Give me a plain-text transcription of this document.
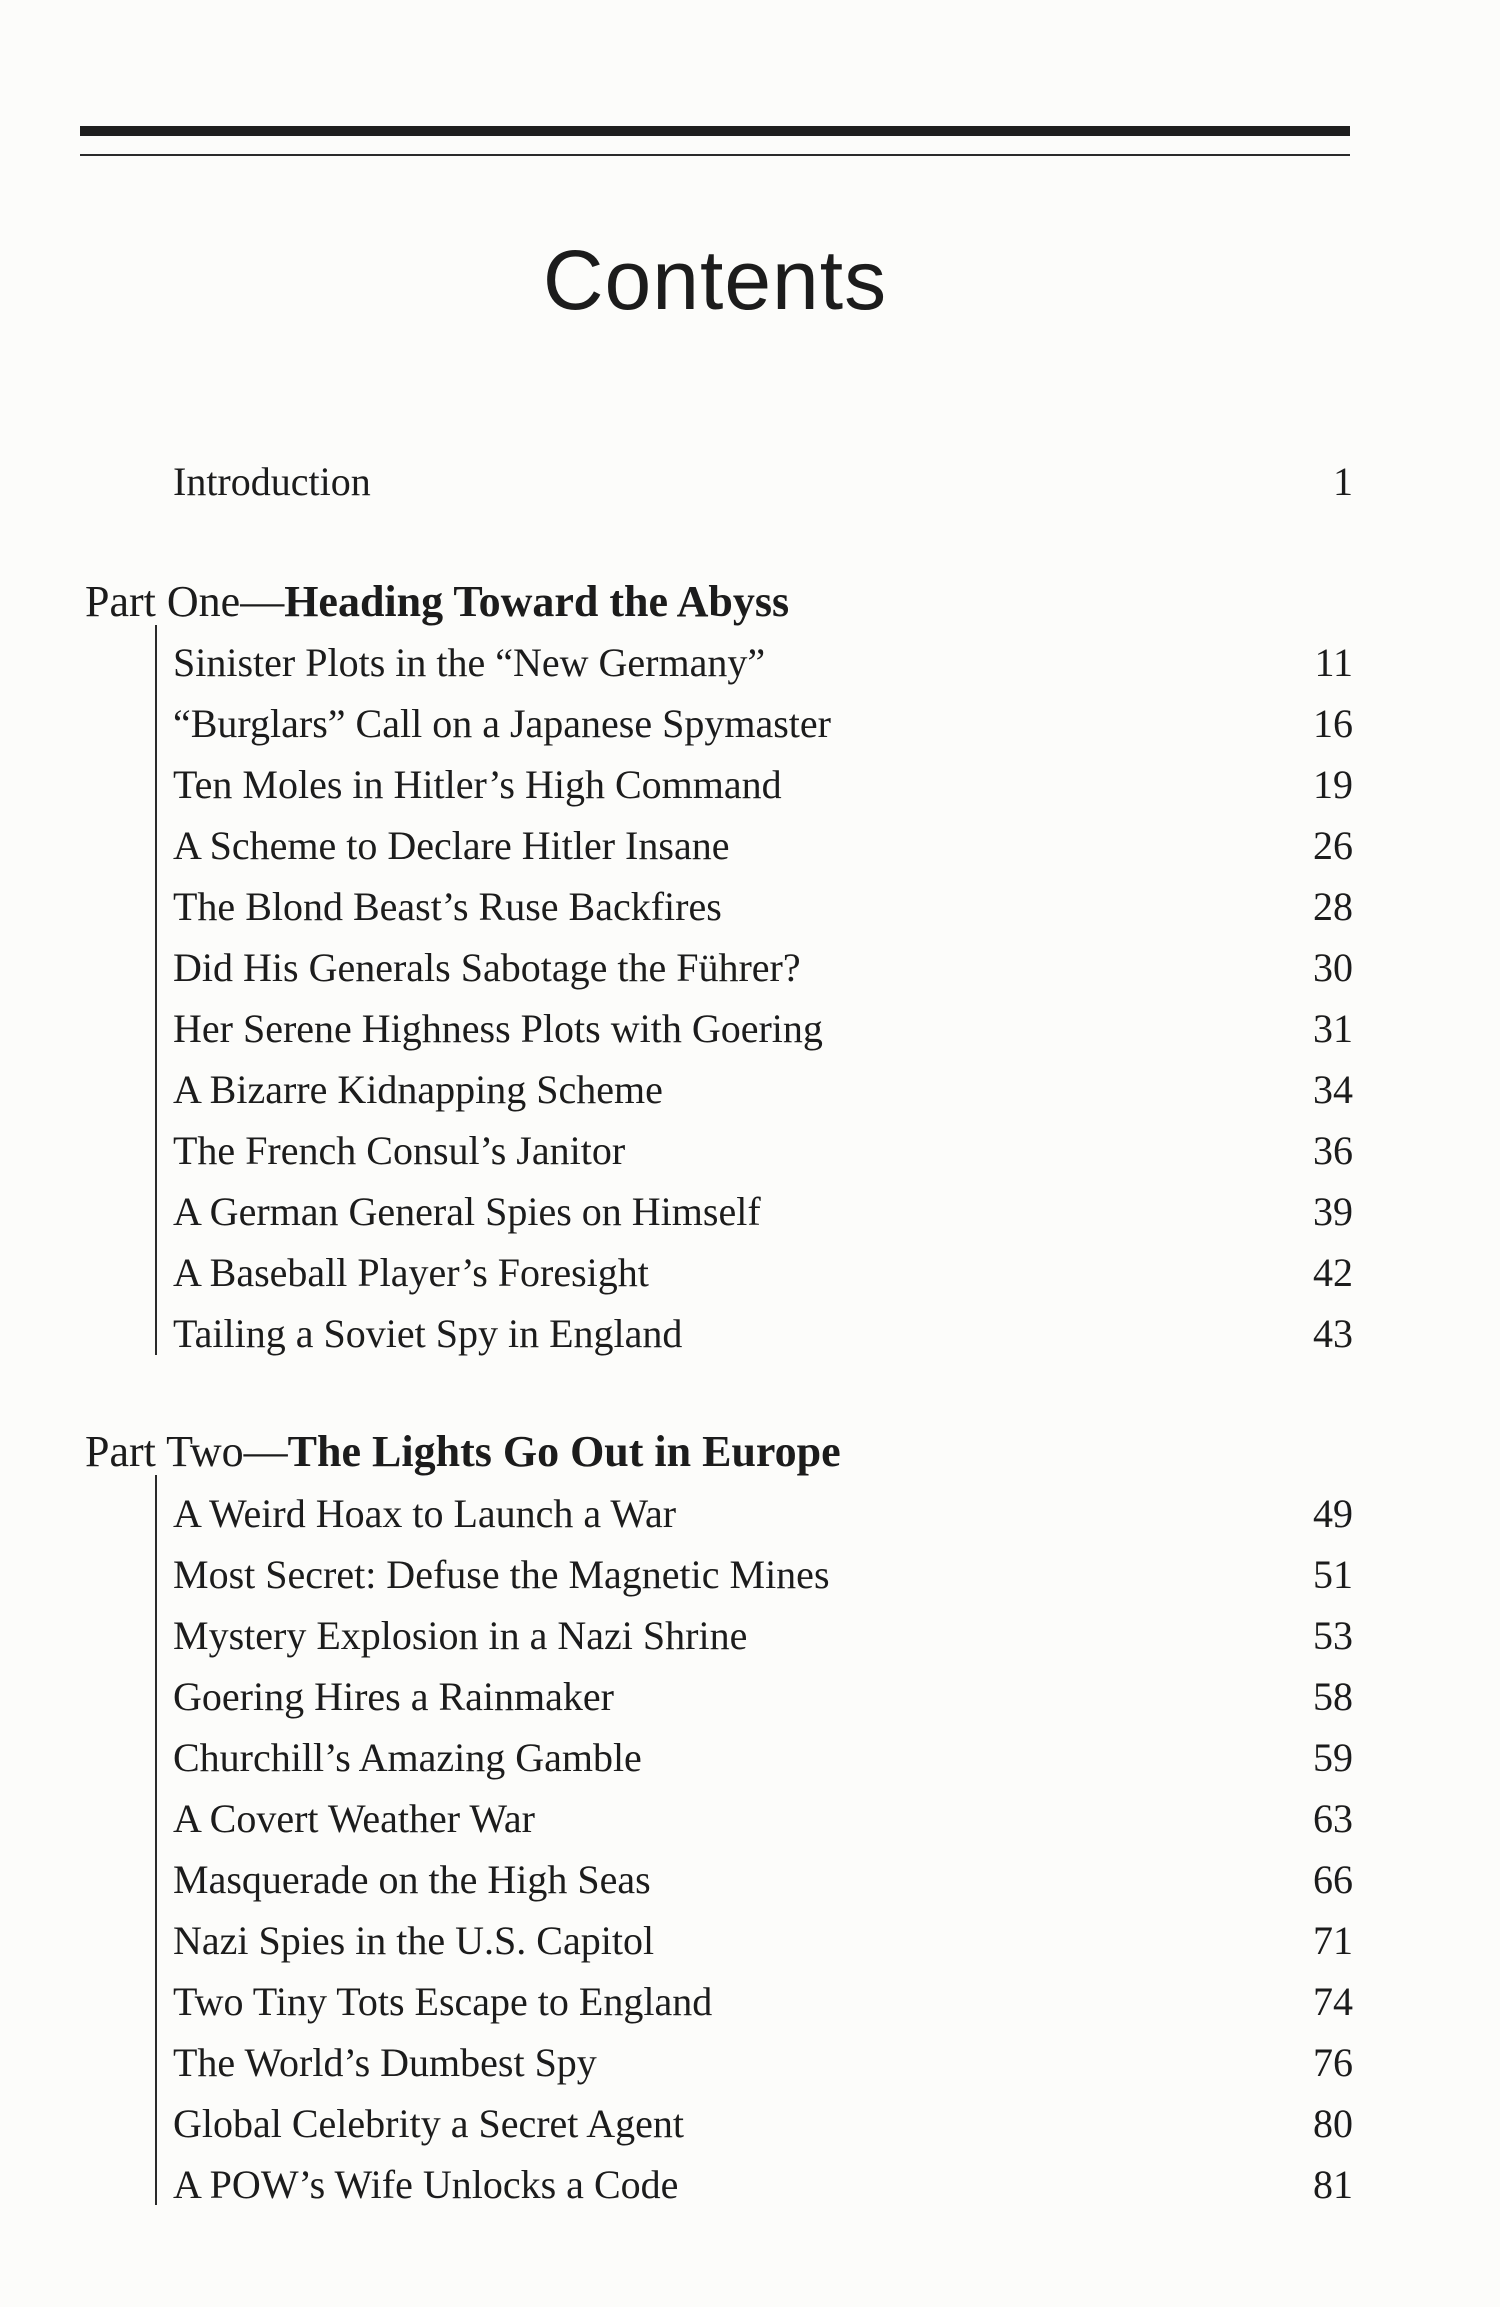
Contents
Introduction	1
Part One—Heading Toward the Abyss
Sinister Plots in the “New Germany”	11
“Burglars” Call on a Japanese Spymaster	16
Ten Moles in Hitler’s High Command	19
A Scheme to Declare Hitler Insane	26
The Blond Beast’s Ruse Backfires	28
Did His Generals Sabotage the Führer?	30
Her Serene Highness Plots with Goering	31
A Bizarre Kidnapping Scheme	34
The French Consul’s Janitor	36
A German General Spies on Himself	39
A Baseball Player’s Foresight	42
Tailing a Soviet Spy in England	43
Part Two—The Lights Go Out in Europe
A Weird Hoax to Launch a War	49
Most Secret: Defuse the Magnetic Mines	51
Mystery Explosion in a Nazi Shrine	53
Goering Hires a Rainmaker	58
Churchill’s Amazing Gamble	59
A Covert Weather War	63
Masquerade on the High Seas	66
Nazi Spies in the U.S. Capitol	71
Two Tiny Tots Escape to England	74
The World’s Dumbest Spy	76
Global Celebrity a Secret Agent	80
A POW’s Wife Unlocks a Code	81
